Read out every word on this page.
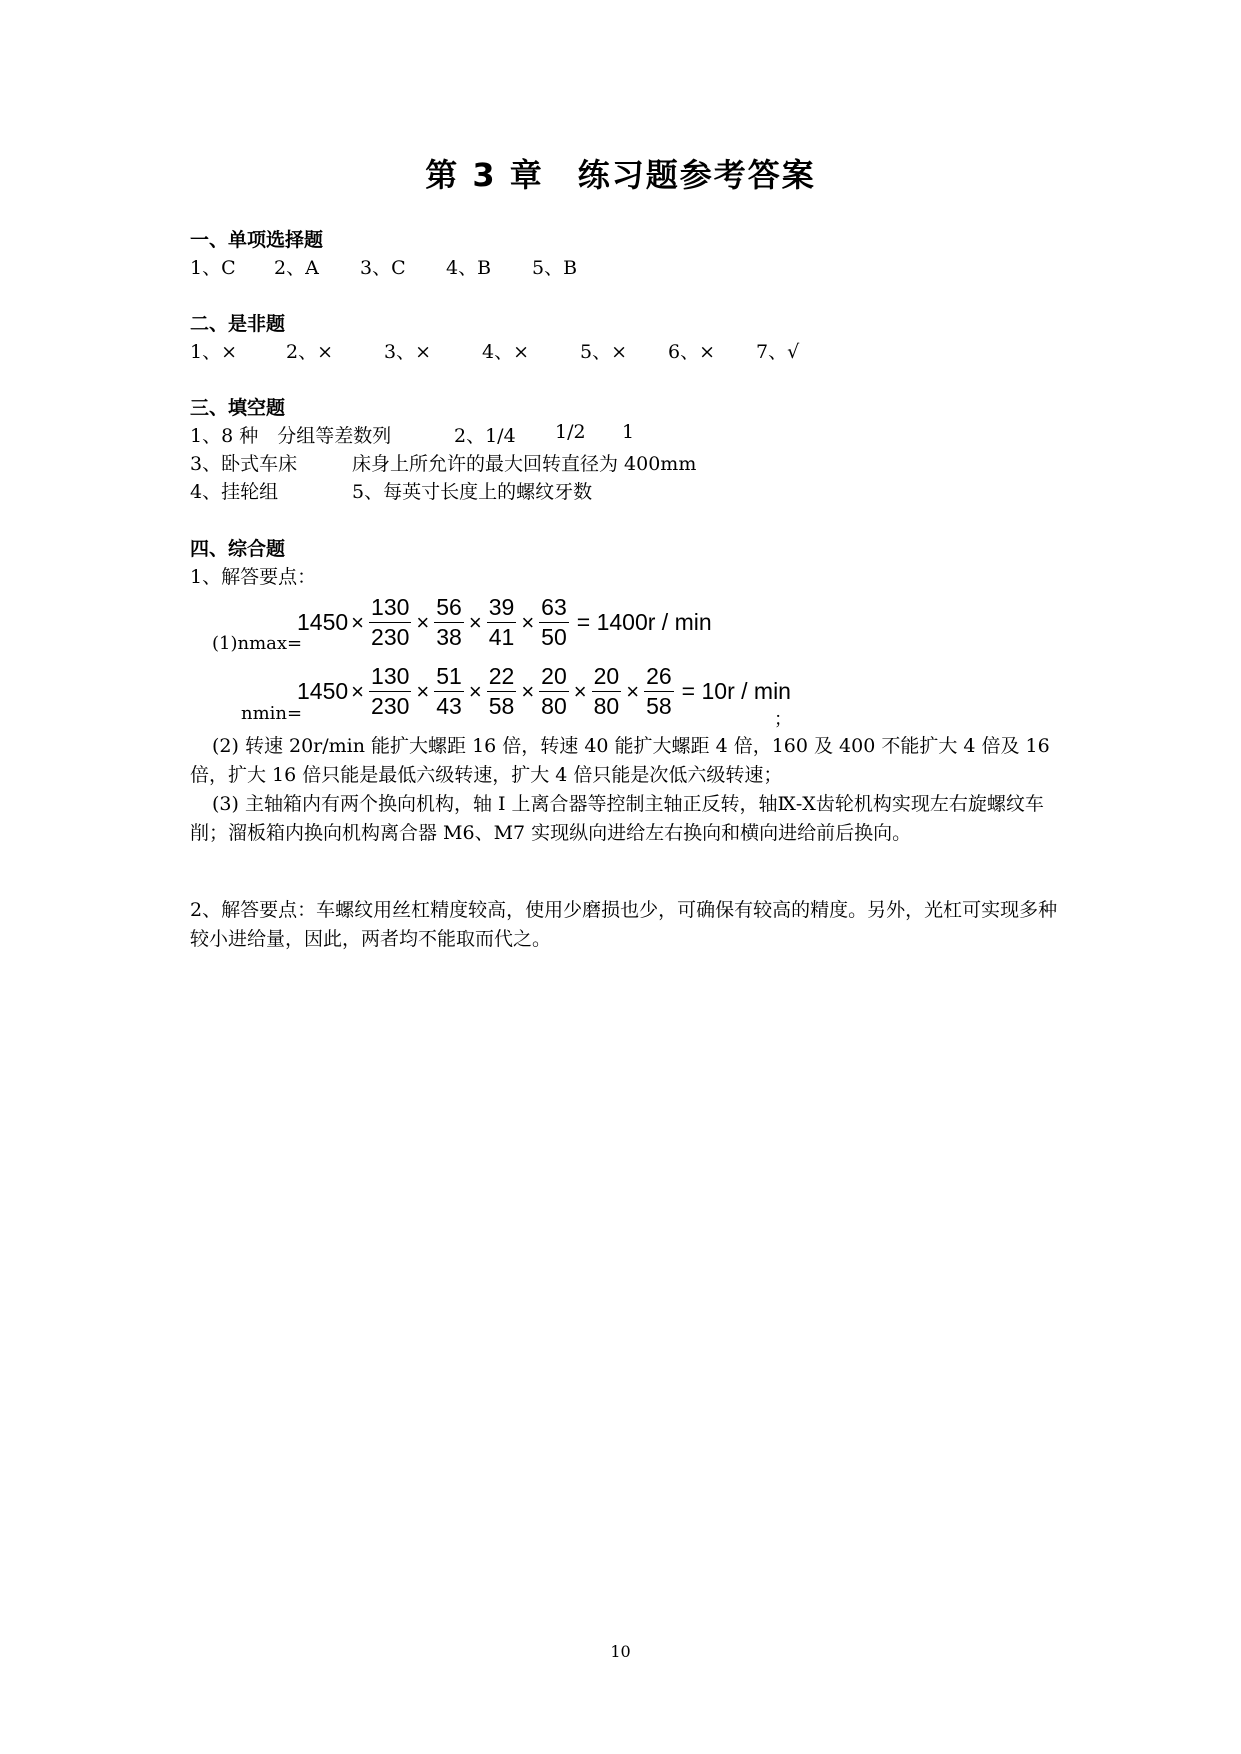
第 3 章　练习题参考答案
一、单项选择题
1、C 2、A 3、C 4、B 5、B
二、是非题
1、×	2、×	3、×	4、×	5、× 6、× 7、√
三、填空题
1、8 种　分组等差数列	2、1/4 1/2 1
3、卧式车床	床身上所允许的最大回转直径为 400mm
4、挂轮组	5、每英寸长度上的螺纹牙数
四、综合题
1、解答要点：
(1)nmax=
$1450 \times \frac{130}{230} \times \frac{56}{38} \times \frac{39}{41} \times \frac{63}{50} = 1400r / \min$
nmin=
$1450 \times \frac{130}{230} \times \frac{51}{43} \times \frac{22}{58} \times \frac{20}{80} \times \frac{20}{80} \times \frac{26}{58} = 10r / \min$
；
(2) 转速 20r/min 能扩大螺距 16 倍，转速 40 能扩大螺距 4 倍，160 及 400 不能扩大 4 倍及 16 倍，扩大 16 倍只能是最低六级转速，扩大 4 倍只能是次低六级转速；
(3) 主轴箱内有两个换向机构，轴 I 上离合器等控制主轴正反转，轴Ⅸ-Ⅹ齿轮机构实现左右旋螺纹车削；溜板箱内换向机构离合器 M6、M7 实现纵向进给左右换向和横向进给前后换向。
2、解答要点：车螺纹用丝杠精度较高，使用少磨损也少，可确保有较高的精度。另外，光杠可实现多种较小进给量，因此，两者均不能取而代之。
10
